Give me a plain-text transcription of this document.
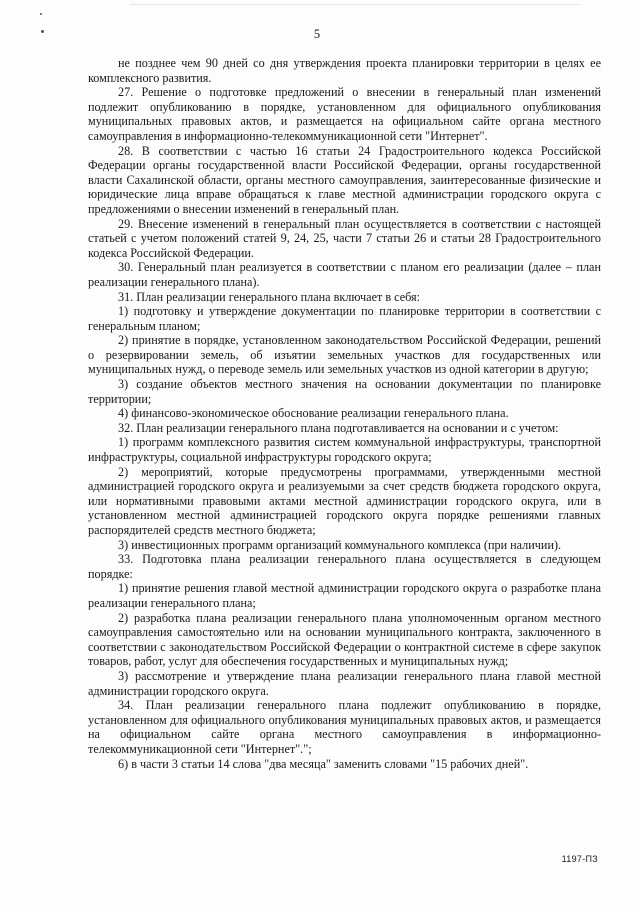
5

не позднее чем 90 дней со дня утверждения проекта планировки территории в целях ее комплексного развития.

27. Решение о подготовке предложений о внесении в генеральный план изменений подлежит опубликованию в порядке, установленном для официального опубликования муниципальных правовых актов, и размещается на официальном сайте органа местного самоуправления в информационно-телекоммуникационной сети "Интернет".

28. В соответствии с частью 16 статьи 24 Градостроительного кодекса Российской Федерации органы государственной власти Российской Федерации, органы государственной власти Сахалинской области, органы местного самоуправления, заинтересованные физические и юридические лица вправе обращаться к главе местной администрации городского округа с предложениями о внесении изменений в генеральный план.

29. Внесение изменений в генеральный план осуществляется в соответствии с настоящей статьей с учетом положений статей 9, 24, 25, части 7 статьи 26 и статьи 28 Градостроительного кодекса Российской Федерации.

30. Генеральный план реализуется в соответствии с планом его реализации (далее – план реализации генерального плана).

31. План реализации генерального плана включает в себя:

1) подготовку и утверждение документации по планировке территории в соответствии с генеральным планом;

2) принятие в порядке, установленном законодательством Российской Федерации, решений о резервировании земель, об изъятии земельных участков для государственных или муниципальных нужд, о переводе земель или земельных участков из одной категории в другую;

3) создание объектов местного значения на основании документации по планировке территории;

4) финансово-экономическое обоснование реализации генерального плана.

32. План реализации генерального плана подготавливается на основании и с учетом:

1) программ комплексного развития систем коммунальной инфраструктуры, транспортной инфраструктуры, социальной инфраструктуры городского округа;

2) мероприятий, которые предусмотрены программами, утвержденными местной администрацией городского округа и реализуемыми за счет средств бюджета городского округа, или нормативными правовыми актами местной администрации городского округа, или в установленном местной администрацией городского округа порядке решениями главных распорядителей средств местного бюджета;

3) инвестиционных программ организаций коммунального комплекса (при наличии).

33. Подготовка плана реализации генерального плана осуществляется в следующем порядке:

1) принятие решения главой местной администрации городского округа о разработке плана реализации генерального плана;

2) разработка плана реализации генерального плана уполномоченным органом местного самоуправления самостоятельно или на основании муниципального контракта, заключенного в соответствии с законодательством Российской Федерации о контрактной системе в сфере закупок товаров, работ, услуг для обеспечения государственных и муниципальных нужд;

3) рассмотрение и утверждение плана реализации генерального плана главой местной администрации городского округа.

34. План реализации генерального плана подлежит опубликованию в порядке, установленном для официального опубликования муниципальных правовых актов, и размещается на официальном сайте органа местного самоуправления в информационно-телекоммуникационной сети "Интернет".";

6) в части 3 статьи 14 слова "два месяца" заменить словами "15 рабочих дней".

1197-ПЗ
